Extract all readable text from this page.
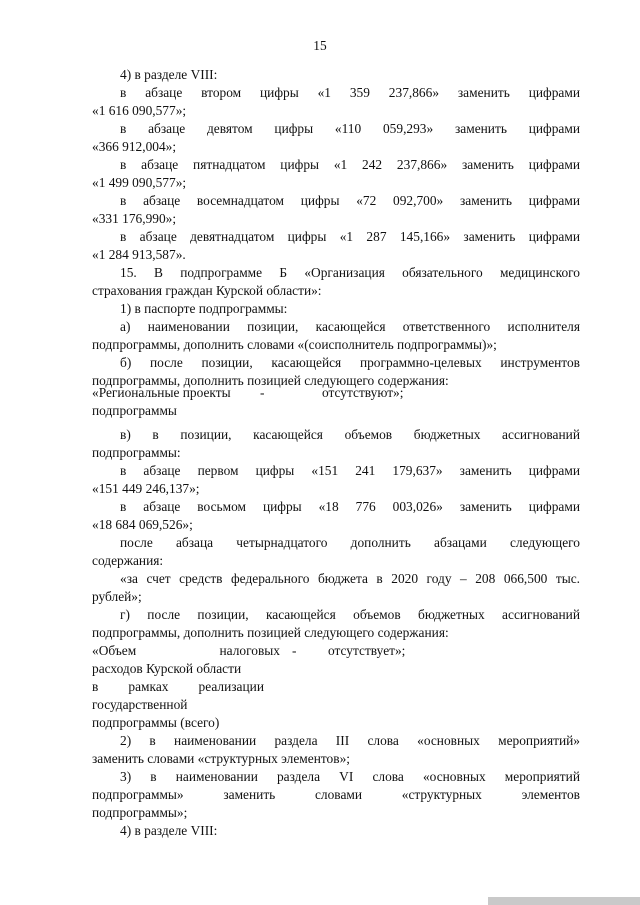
15
4) в разделе VIII:
в абзаце втором цифры «1 359 237,866» заменить цифрами
«1 616 090,577»;
в абзаце девятом цифры «110 059,293» заменить цифрами
«366 912,004»;
в абзаце пятнадцатом цифры «1 242 237,866» заменить цифрами
«1 499 090,577»;
в абзаце восемнадцатом цифры «72 092,700» заменить цифрами
«331 176,990»;
в абзаце девятнадцатом цифры «1 287 145,166» заменить цифрами
«1 284 913,587».
15. В подпрограмме Б «Организация обязательного медицинского
страхования граждан Курской области»:
1) в паспорте подпрограммы:
а) наименовании позиции, касающейся ответственного исполнителя
подпрограммы, дополнить словами «(соисполнитель подпрограммы)»;
б) после позиции, касающейся программно-целевых инструментов
подпрограммы, дополнить позицией следующего содержания:
«Региональные проекты
подпрограммы
-	отсутствуют»;
в) в позиции, касающейся объемов бюджетных ассигнований
подпрограммы:
в абзаце первом цифры «151 241 179,637» заменить цифрами
«151 449 246,137»;
в абзаце восьмом цифры «18 776 003,026» заменить цифрами
«18 684 069,526»;
после абзаца четырнадцатого дополнить абзацами следующего
содержания:
«за счет средств федерального бюджета в 2020 году – 208 066,500 тыс.
рублей»;
г) после позиции, касающейся объемов бюджетных ассигнований
подпрограммы, дополнить позицией следующего содержания:
«Объем налоговых
расходов Курской области
в рамках реализации
государственной
подпрограммы (всего)
- отсутствует»;
2) в наименовании раздела III слова «основных мероприятий»
заменить словами «структурных элементов»;
3) в наименовании раздела VI слова «основных мероприятий
подпрограммы» заменить словами «структурных элементов
подпрограммы»;
4) в разделе VIII:
